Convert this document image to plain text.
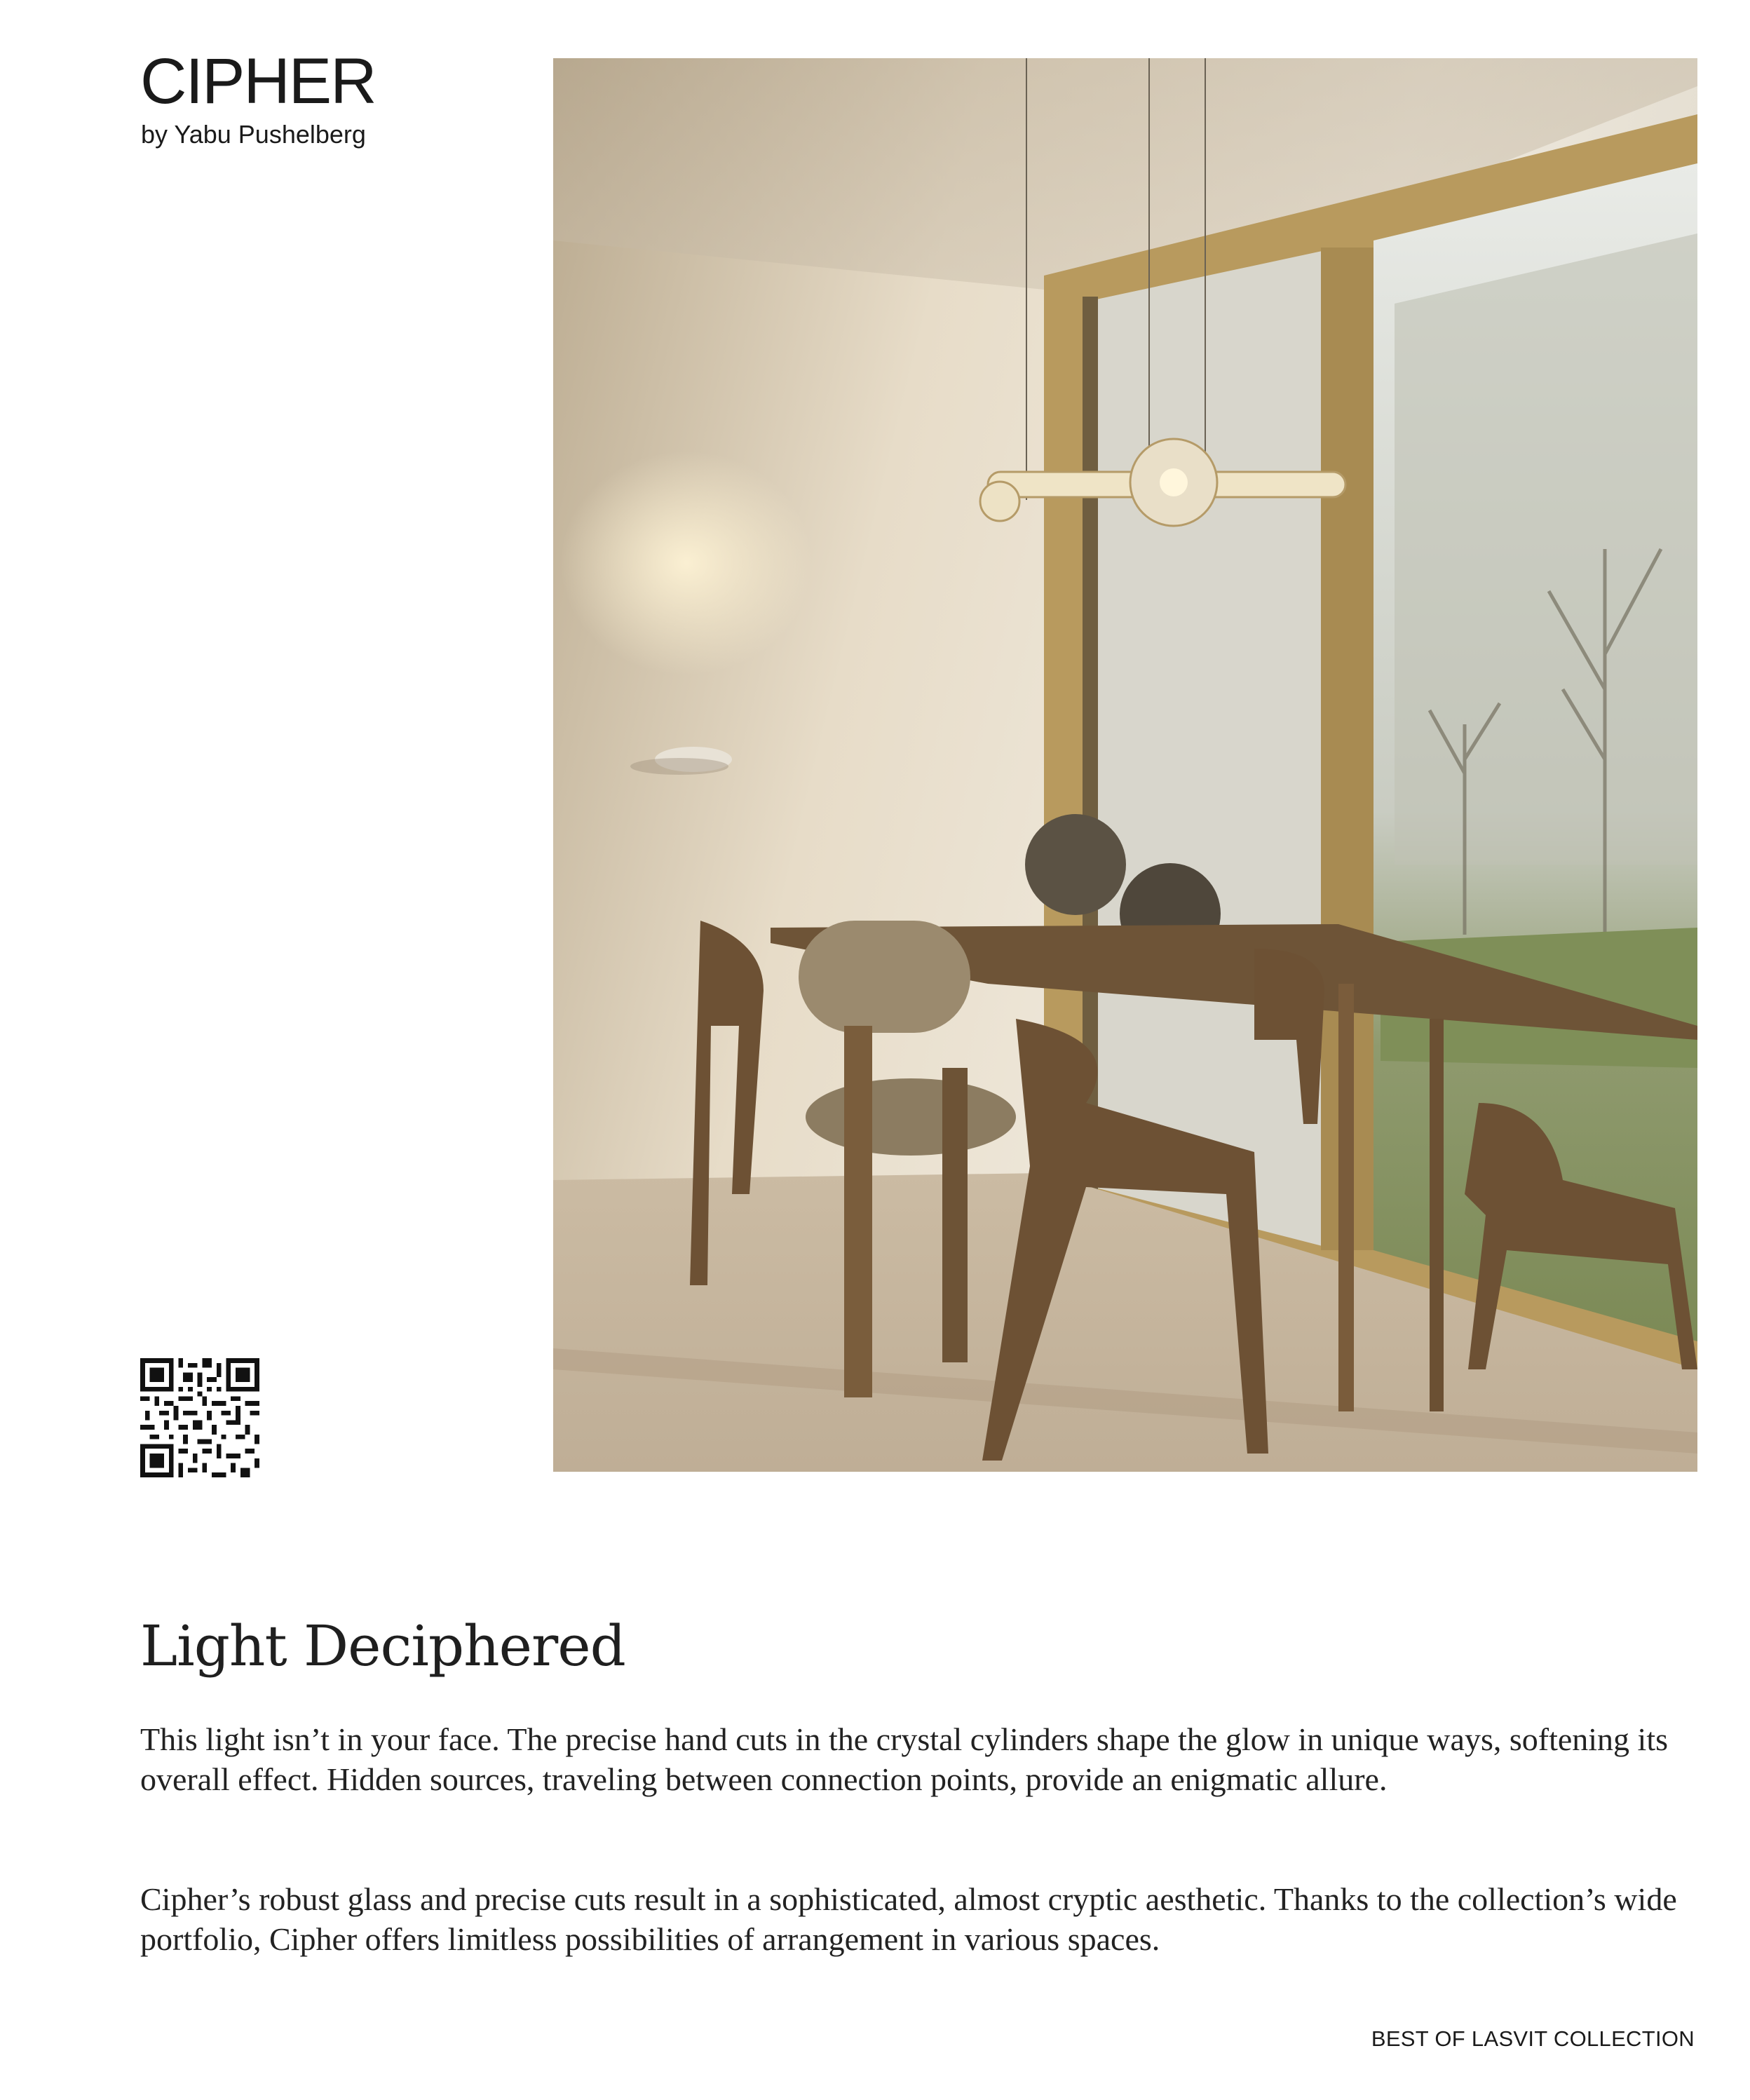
CIPHER
by Yabu Pushelberg
Light Deciphered

This light isn’t in your face. The precise hand cuts in the crystal cylinders shape the glow in unique ways, softening its overall effect. Hidden sources, traveling between connection points, provide an enigmatic allure.

Cipher’s robust glass and precise cuts result in a sophisticated, almost cryptic aesthetic. Thanks to the collection’s wide portfolio, Cipher offers limitless possibilities of arrangement in various spaces.

BEST OF LASVIT COLLECTION
